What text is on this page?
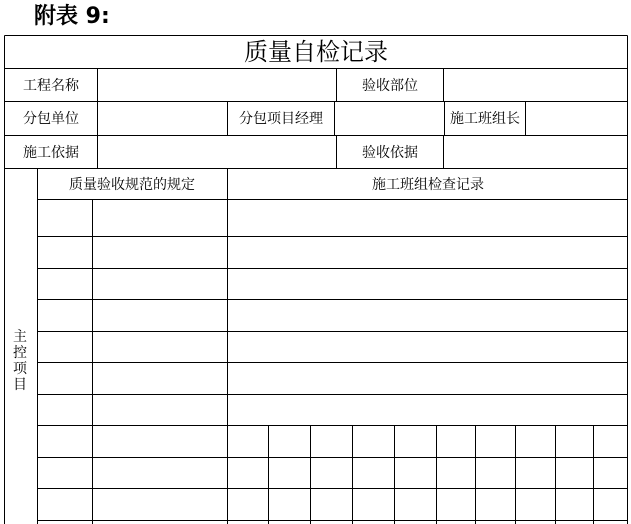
附表 9:
质量自检记录
工程名称	验收部位
分包单位	分包项目经理	施工班组长
施工依据	验收依据
质量验收规范的规定	施工班组检查记录
主
控
项
目
